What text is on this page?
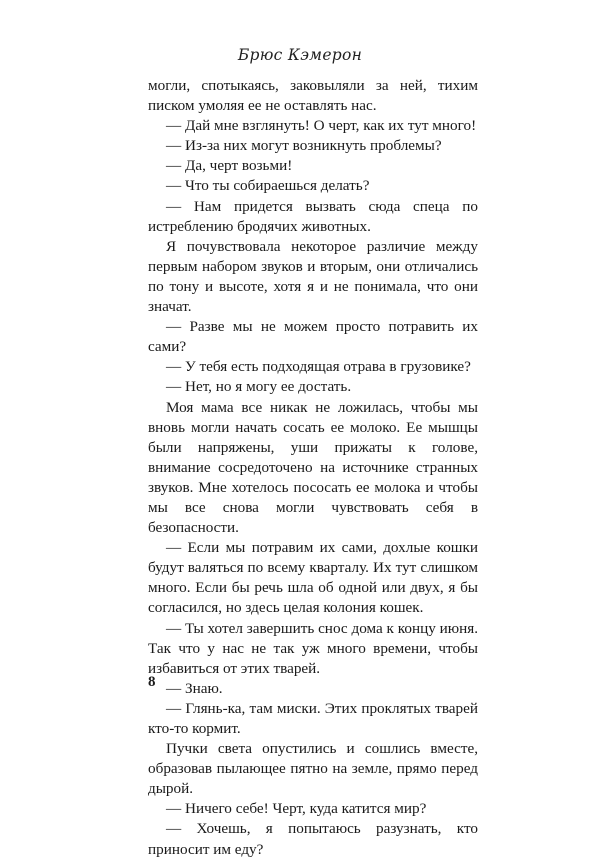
Брюс Кэмерон

могли, спотыкаясь, заковыляли за ней, тихим писком умоляя ее не оставлять нас.

— Дай мне взглянуть! О черт, как их тут много!

— Из-за них могут возникнуть проблемы?

— Да, черт возьми!

— Что ты собираешься делать?

— Нам придется вызвать сюда спеца по истреблению бродячих животных.

Я почувствовала некоторое различие между первым набором звуков и вторым, они отличались по тону и высоте, хотя я и не понимала, что они значат.

— Разве мы не можем просто потравить их сами?

— У тебя есть подходящая отрава в грузовике?

— Нет, но я могу ее достать.

Моя мама все никак не ложилась, чтобы мы вновь могли начать сосать ее молоко. Ее мышцы были напряжены, уши прижаты к голове, внимание сосредоточено на источнике странных звуков. Мне хотелось пососать ее молока и чтобы мы все снова могли чувствовать себя в безопасности.

— Если мы потравим их сами, дохлые кошки будут валяться по всему кварталу. Их тут слишком много. Если бы речь шла об одной или двух, я бы согласился, но здесь целая колония кошек.

— Ты хотел завершить снос дома к концу июня. Так что у нас не так уж много времени, чтобы избавиться от этих тварей.

— Знаю.

— Глянь-ка, там миски. Этих проклятых тварей кто-то кормит.

Пучки света опустились и сошлись вместе, образовав пылающее пятно на земле, прямо перед дырой.

— Ничего себе! Черт, куда катится мир?

— Хочешь, я попытаюсь разузнать, кто приносит им еду?

8
